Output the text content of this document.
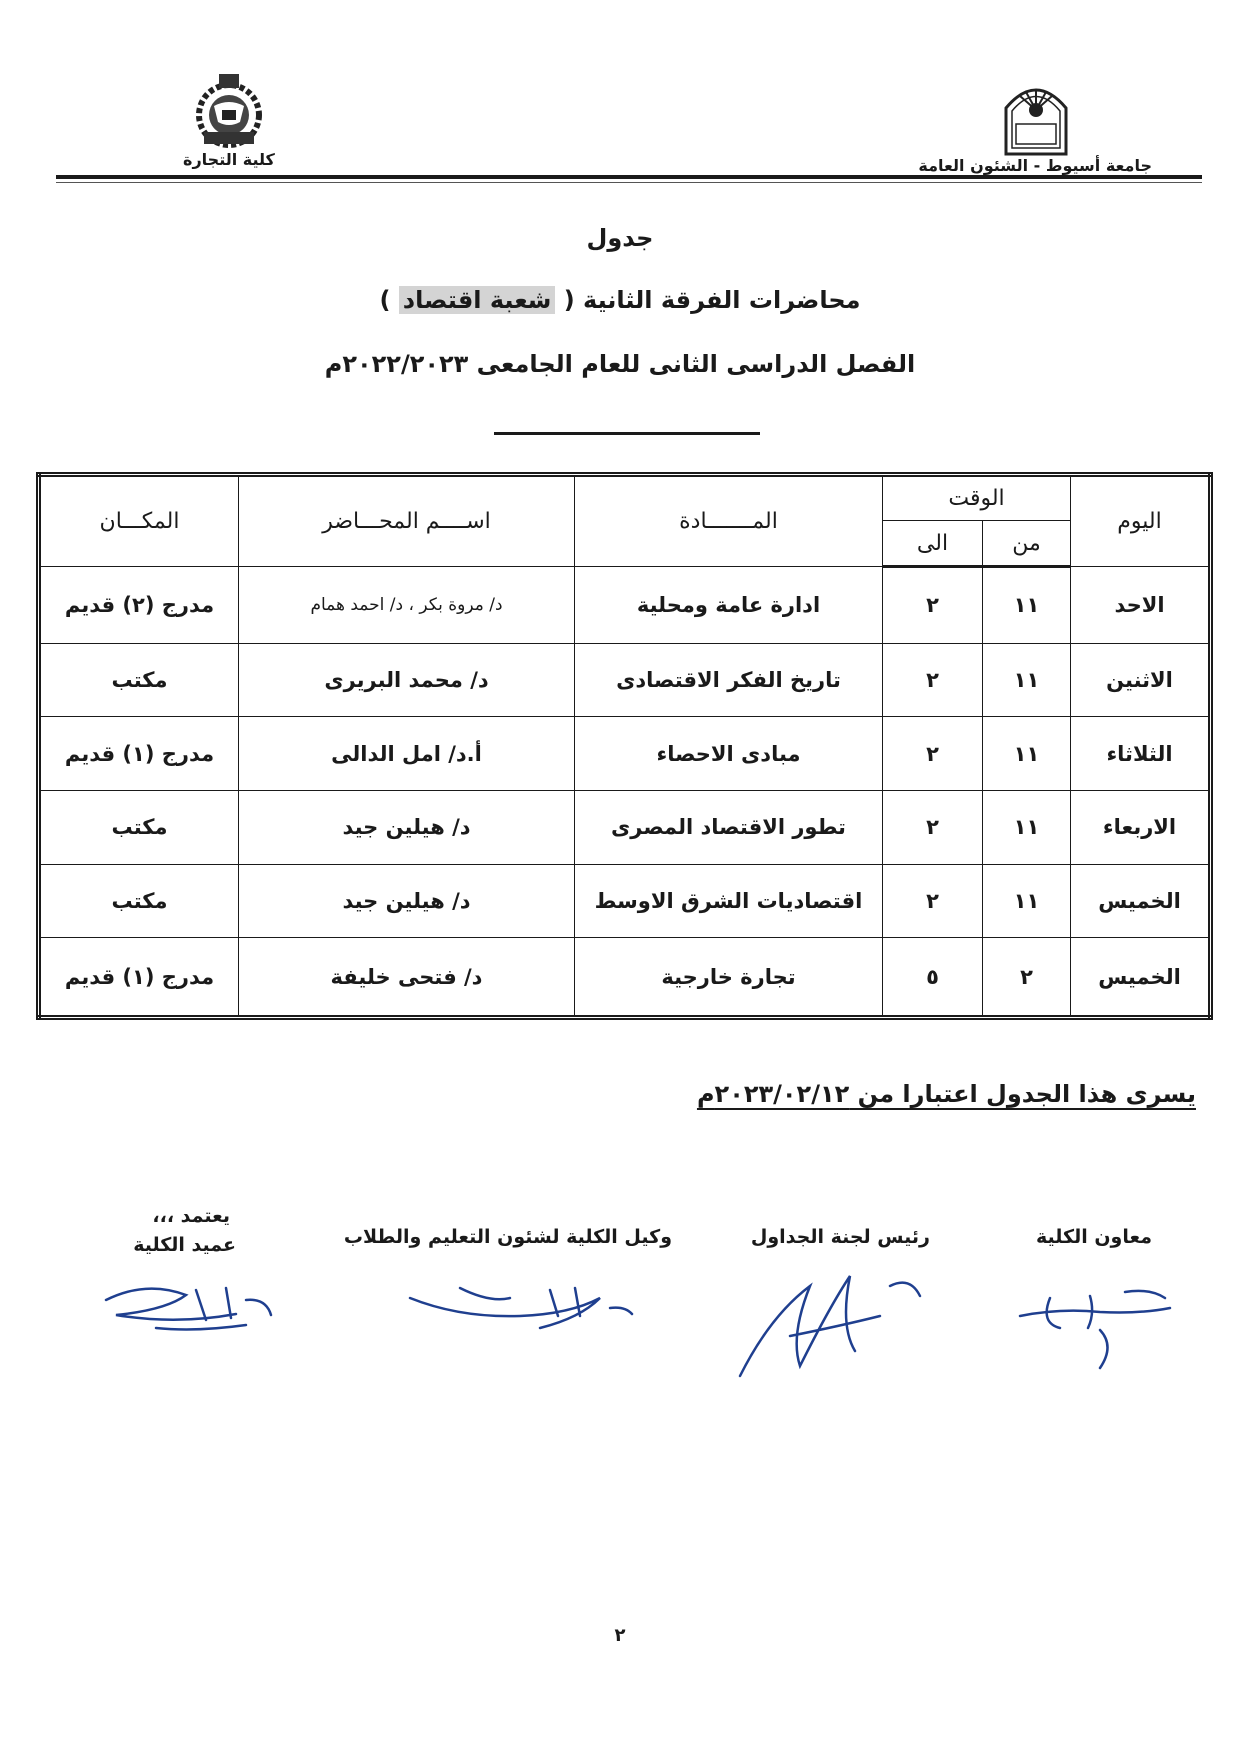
كلية التجارة	جامعة أسيوط - الشئون العامة
جدول
محاضرات الفرقة الثانية ( شعبة اقتصاد )
الفصل الدراسى الثانى للعام الجامعى ٢٠٢٢/٢٠٢٣م
اليوم	الوقت		المـــــــادة	اســــم المحـــاضر	المكـــان
	من	الى			
الاحد	١١	٢	ادارة عامة ومحلية	د/ مروة بكر ، د/ احمد همام	مدرج (٢) قديم
الاثنين	١١	٢	تاريخ الفكر الاقتصادى	د/ محمد البريرى	مكتب
الثلاثاء	١١	٢	مبادى الاحصاء	أ.د/ امل الدالى	مدرج (١) قديم
الاربعاء	١١	٢	تطور الاقتصاد المصرى	د/ هيلين جيد	مكتب
الخميس	١١	٢	اقتصاديات الشرق الاوسط	د/ هيلين جيد	مكتب
الخميس	٢	٥	تجارة خارجية	د/ فتحى خليفة	مدرج (١) قديم
يسرى هذا الجدول اعتبارا من ٢٠٢٣/٠٢/١٢م
معاون الكلية
رئيس لجنة الجداول
وكيل الكلية لشئون التعليم والطلاب
يعتمد ،،،
عميد الكلية
٢
